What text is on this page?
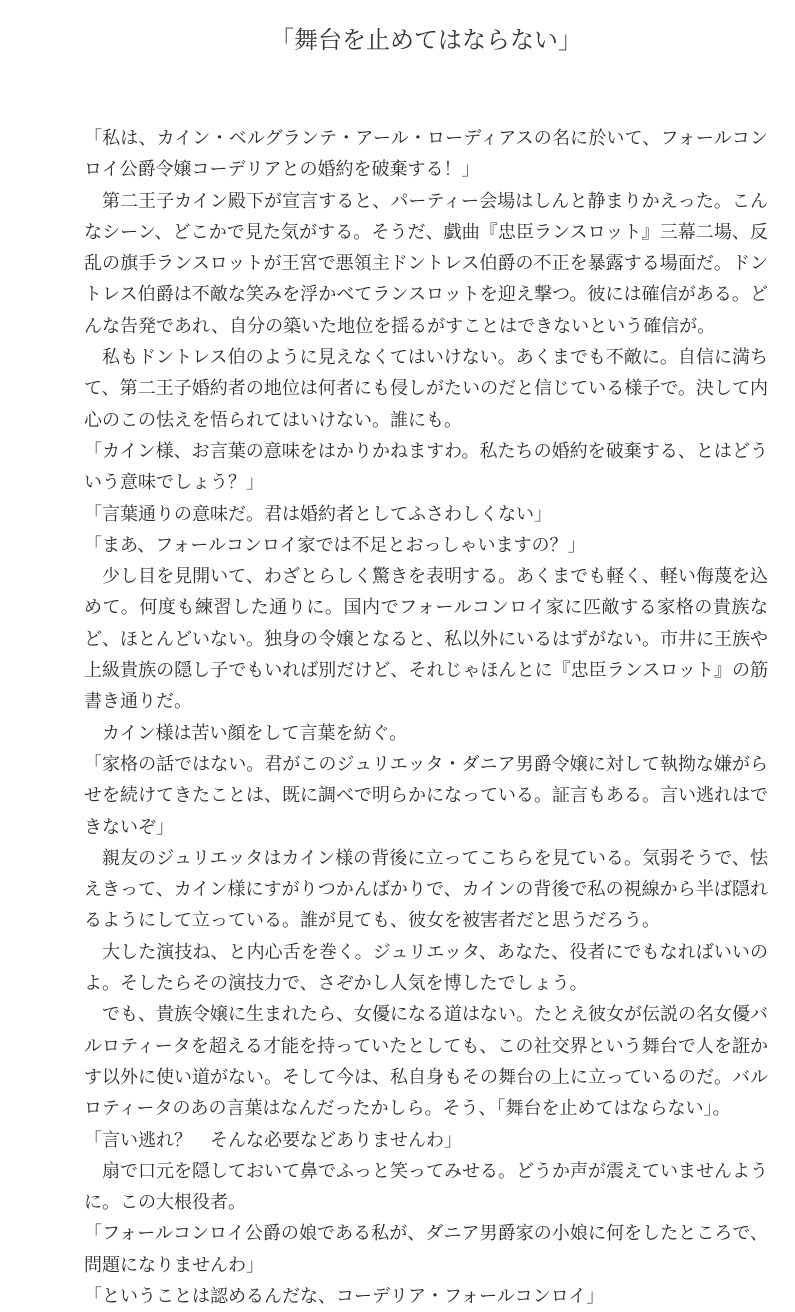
「舞台を止めてはならない」

「私は、カイン・ベルグランテ・アール・ローディアスの名に於いて、フォールコンロイ公爵令嬢コーデリアとの婚約を破棄する！」

　第二王子カイン殿下が宣言すると、パーティー会場はしんと静まりかえった。こんなシーン、どこかで見た気がする。そうだ、戯曲『忠臣ランスロット』三幕二場、反乱の旗手ランスロットが王宮で悪領主ドントレス伯爵の不正を暴露する場面だ。ドントレス伯爵は不敵な笑みを浮かべてランスロットを迎え撃つ。彼には確信がある。どんな告発であれ、自分の築いた地位を揺るがすことはできないという確信が。

　私もドントレス伯のように見えなくてはいけない。あくまでも不敵に。自信に満ちて、第二王子婚約者の地位は何者にも侵しがたいのだと信じている様子で。決して内心のこの怯えを悟られてはいけない。誰にも。

「カイン様、お言葉の意味をはかりかねますわ。私たちの婚約を破棄する、とはどういう意味でしょう？」

「言葉通りの意味だ。君は婚約者としてふさわしくない」

「まあ、フォールコンロイ家では不足とおっしゃいますの？」

　少し目を見開いて、わざとらしく驚きを表明する。あくまでも軽く、軽い侮蔑を込めて。何度も練習した通りに。国内でフォールコンロイ家に匹敵する家格の貴族など、ほとんどいない。独身の令嬢となると、私以外にいるはずがない。市井に王族や上級貴族の隠し子でもいれば別だけど、それじゃほんとに『忠臣ランスロット』の筋書き通りだ。

　カイン様は苦い顔をして言葉を紡ぐ。

「家格の話ではない。君がこのジュリエッタ・ダニア男爵令嬢に対して執拗な嫌がらせを続けてきたことは、既に調べで明らかになっている。証言もある。言い逃れはできないぞ」

　親友のジュリエッタはカイン様の背後に立ってこちらを見ている。気弱そうで、怯えきって、カイン様にすがりつかんばかりで、カインの背後で私の視線から半ば隠れるようにして立っている。誰が見ても、彼女を被害者だと思うだろう。

　大した演技ね、と内心舌を巻く。ジュリエッタ、あなた、役者にでもなればいいのよ。そしたらその演技力で、さぞかし人気を博したでしょう。

　でも、貴族令嬢に生まれたら、女優になる道はない。たとえ彼女が伝説の名女優バルロティータを超える才能を持っていたとしても、この社交界という舞台で人を誑かす以外に使い道がない。そして今は、私自身もその舞台の上に立っているのだ。バルロティータのあの言葉はなんだったかしら。そう、「舞台を止めてはならない」。

「言い逃れ？　そんな必要などありませんわ」

　扇で口元を隠しておいて鼻でふっと笑ってみせる。どうか声が震えていませんように。この大根役者。

「フォールコンロイ公爵の娘である私が、ダニア男爵家の小娘に何をしたところで、問題になりませんわ」

「ということは認めるんだな、コーデリア・フォールコンロイ」
